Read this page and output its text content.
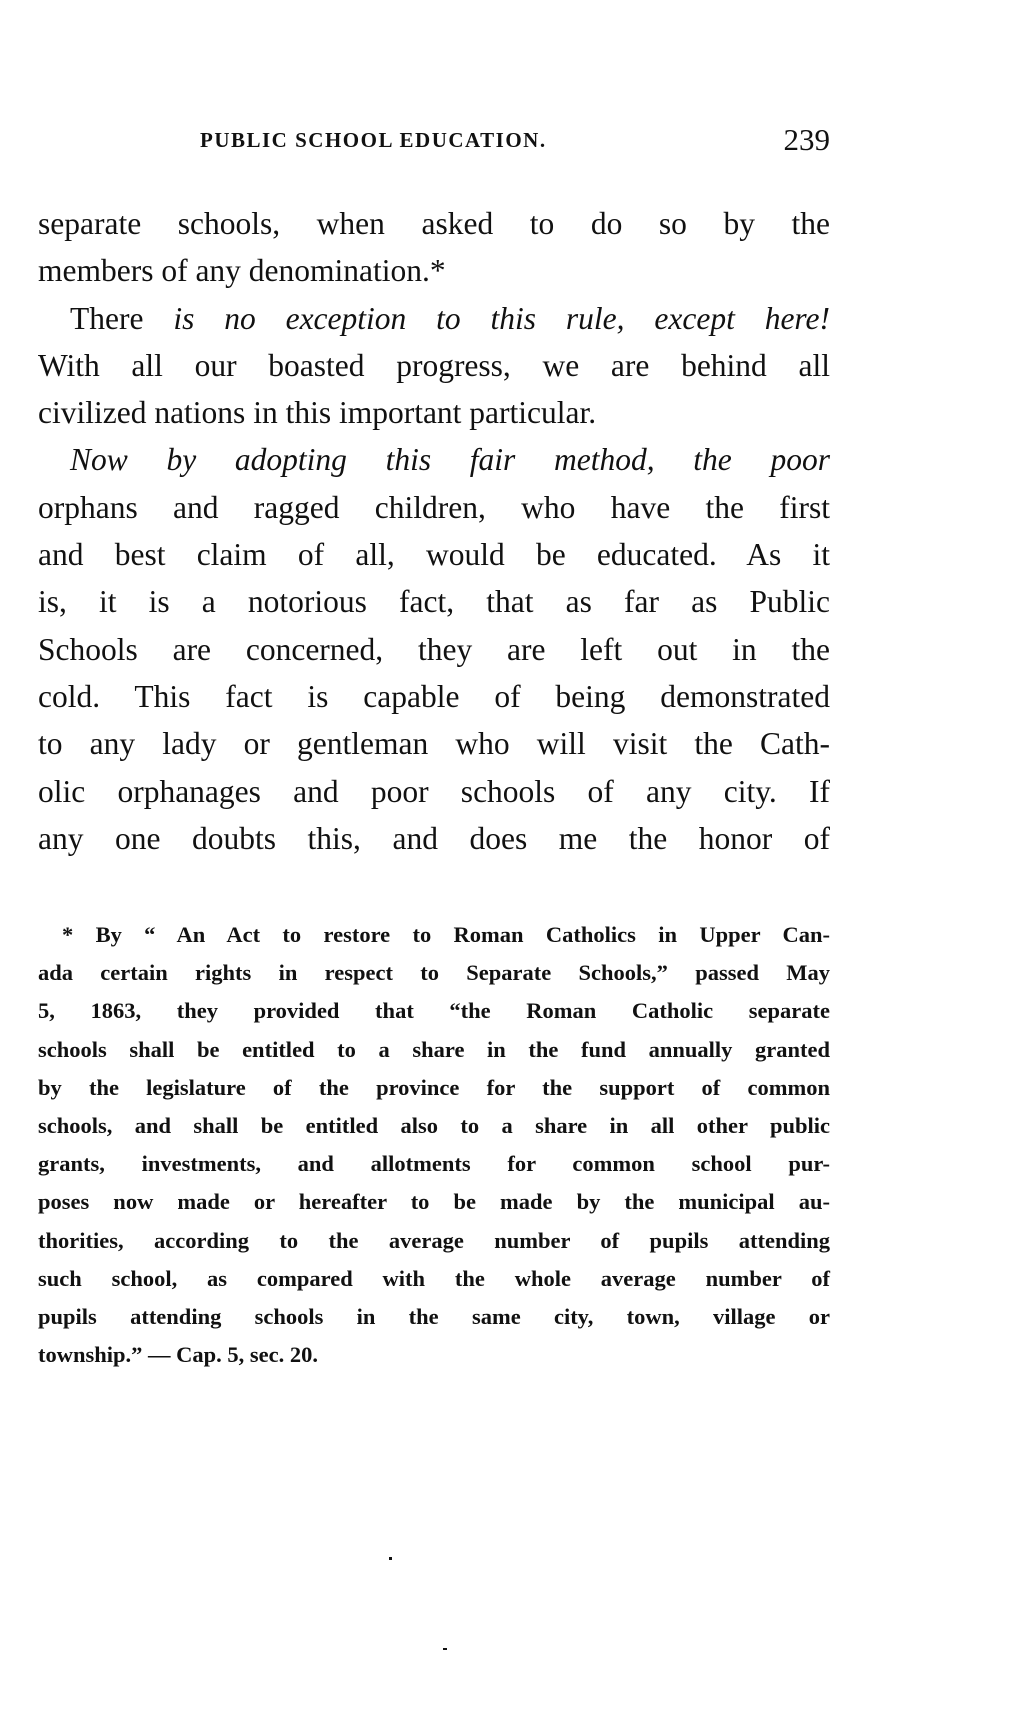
PUBLIC SCHOOL EDUCATION.	239
separate schools, when asked to do so by the
members of any denomination.*
There is no exception to this rule, except here!
With all our boasted progress, we are behind all
civilized nations in this important particular.
Now by adopting this fair method, the poor
orphans and ragged children, who have the first
and best claim of all, would be educated. As it
is, it is a notorious fact, that as far as Public
Schools are concerned, they are left out in the
cold. This fact is capable of being demonstrated
to any lady or gentleman who will visit the Cath-
olic orphanages and poor schools of any city. If
any one doubts this, and does me the honor of
* By “ An Act to restore to Roman Catholics in Upper Can-
ada certain rights in respect to Separate Schools,” passed May
5, 1863, they provided that “the Roman Catholic separate
schools shall be entitled to a share in the fund annually granted
by the legislature of the province for the support of common
schools, and shall be entitled also to a share in all other public
grants, investments, and allotments for common school pur-
poses now made or hereafter to be made by the municipal au-
thorities, according to the average number of pupils attending
such school, as compared with the whole average number of
pupils attending schools in the same city, town, village or
township.” — Cap. 5, sec. 20.
